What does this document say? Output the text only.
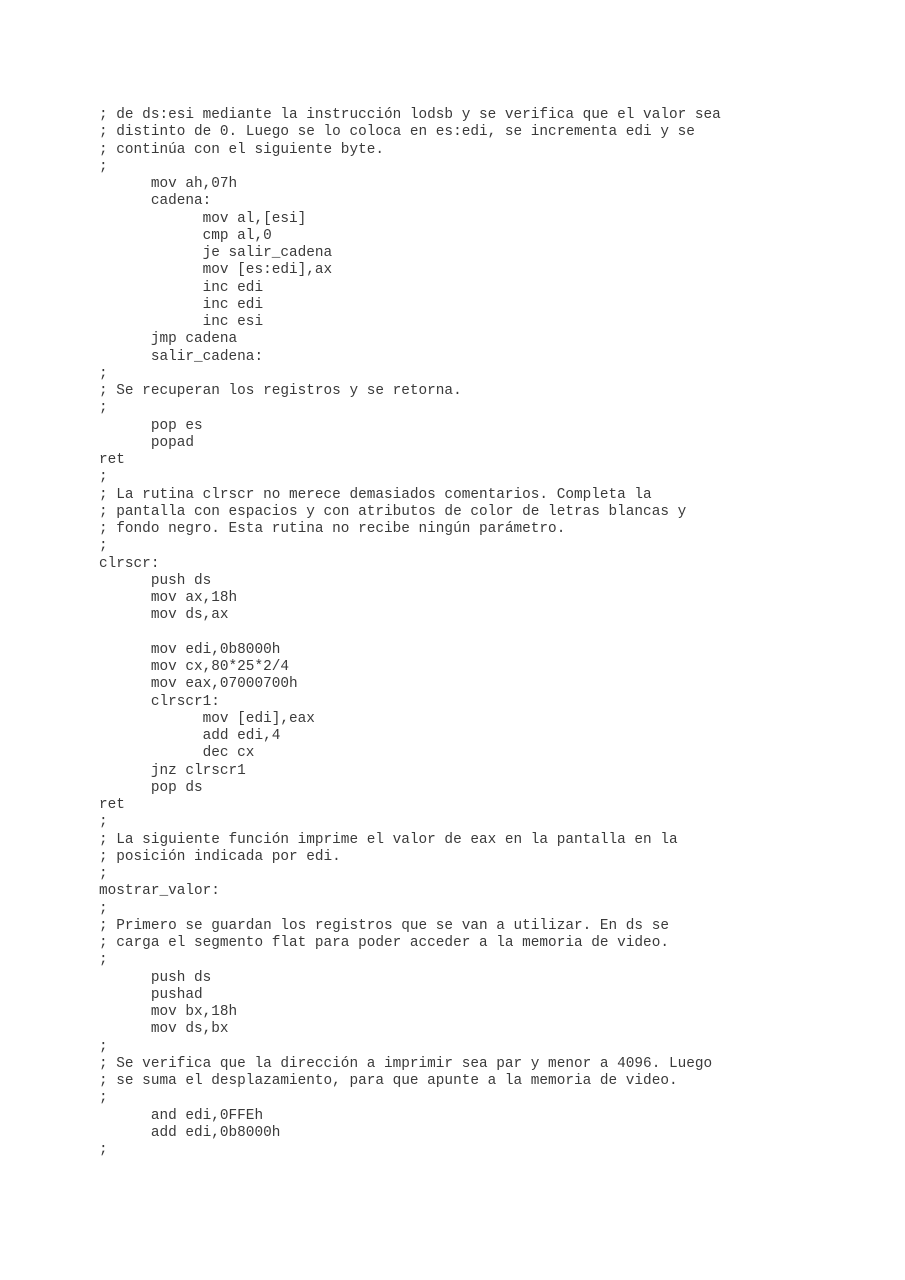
; de ds:esi mediante la instrucción lodsb y se verifica que el valor sea
; distinto de 0. Luego se lo coloca en es:edi, se incrementa edi y se
; continúa con el siguiente byte.
;
mov ah,07h
cadena:
mov al,[esi]
cmp al,0
je salir_cadena
mov [es:edi],ax
inc edi
inc edi
inc esi
jmp cadena
salir_cadena:
;
; Se recuperan los registros y se retorna.
;
pop es
popad
ret
;
; La rutina clrscr no merece demasiados comentarios. Completa la
; pantalla con espacios y con atributos de color de letras blancas y
; fondo negro. Esta rutina no recibe ningún parámetro.
;
clrscr:
push ds
mov ax,18h
mov ds,ax
mov edi,0b8000h
mov cx,80*25*2/4
mov eax,07000700h
clrscr1:
mov [edi],eax
add edi,4
dec cx
jnz clrscr1
pop ds
ret
;
; La siguiente función imprime el valor de eax en la pantalla en la
; posición indicada por edi.
;
mostrar_valor:
;
; Primero se guardan los registros que se van a utilizar. En ds se
; carga el segmento flat para poder acceder a la memoria de video.
;
push ds
pushad
mov bx,18h
mov ds,bx
;
; Se verifica que la dirección a imprimir sea par y menor a 4096. Luego
; se suma el desplazamiento, para que apunte a la memoria de video.
;
and edi,0FFEh
add edi,0b8000h
;
